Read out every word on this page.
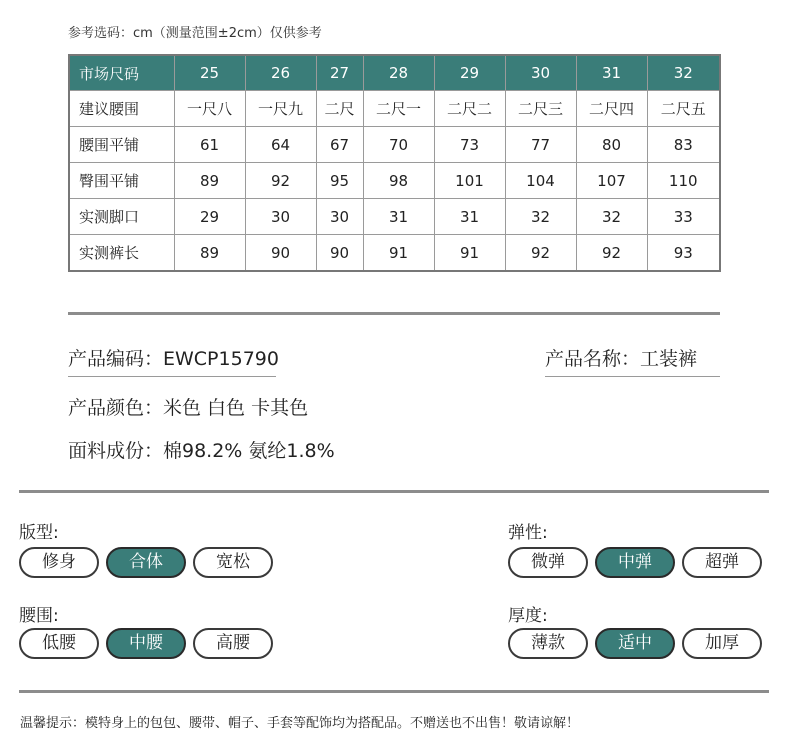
参考选码：cm（测量范围±2cm）仅供参考
市场尺码	25	26	27	28	29	30	31	32
建议腰围	一尺八	一尺九	二尺	二尺一	二尺二	二尺三	二尺四	二尺五
腰围平铺	61	64	67	70	73	77	80	83
臀围平铺	89	92	95	98	101	104	107	110
实测脚口	29	30	30	31	31	32	32	33
实测裤长	89	90	90	91	91	92	92	93
产品编码：EWCP15790	产品名称：工装裤
产品颜色：米色 白色 卡其色
面料成份：棉98.2% 氨纶1.8%
版型:
修身	合体	宽松
弹性:
微弹	中弹	超弹
腰围:
低腰	中腰	高腰
厚度:
薄款	适中	加厚
温馨提示：模特身上的包包、腰带、帽子、手套等配饰均为搭配品。不赠送也不出售！敬请谅解！
